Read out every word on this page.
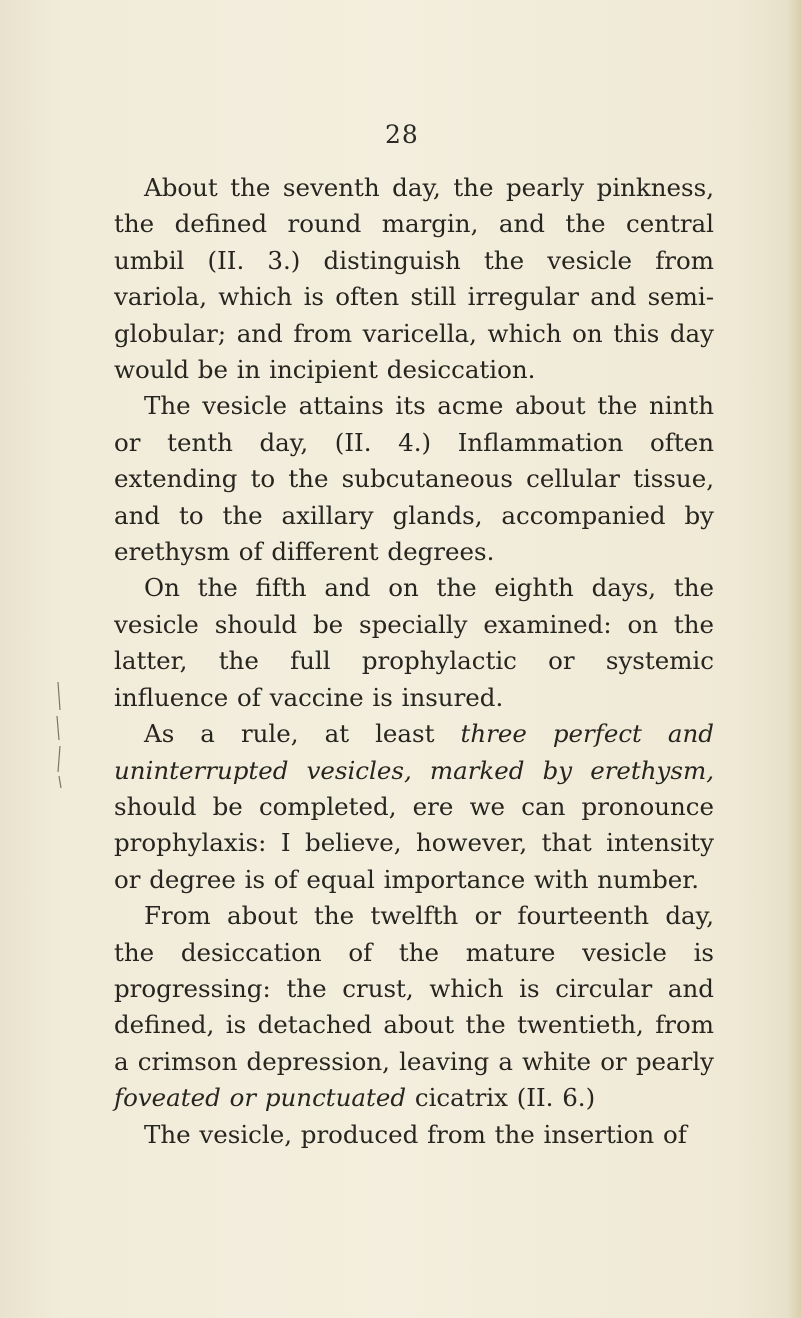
28

About the seventh day, the pearly pinkness, the defined round margin, and the central umbil (II. 3.) distinguish the vesicle from variola, which is often still irregular and semi-globular; and from varicella, which on this day would be in incipient desiccation.

The vesicle attains its acme about the ninth or tenth day, (II. 4.) Inflammation often extending to the subcutaneous cellular tissue, and to the axillary glands, accompanied by erethysm of different degrees.

On the fifth and on the eighth days, the vesicle should be specially examined: on the latter, the full prophylactic or systemic influence of vaccine is insured.

As a rule, at least three perfect and uninterrupted vesicles, marked by erethysm, should be completed, ere we can pronounce prophylaxis: I believe, however, that intensity or degree is of equal importance with number.

From about the twelfth or fourteenth day, the desiccation of the mature vesicle is progressing: the crust, which is circular and defined, is detached about the twentieth, from a crimson depression, leaving a white or pearly foveated or punctuated cicatrix (II. 6.)

The vesicle, produced from the insertion of
